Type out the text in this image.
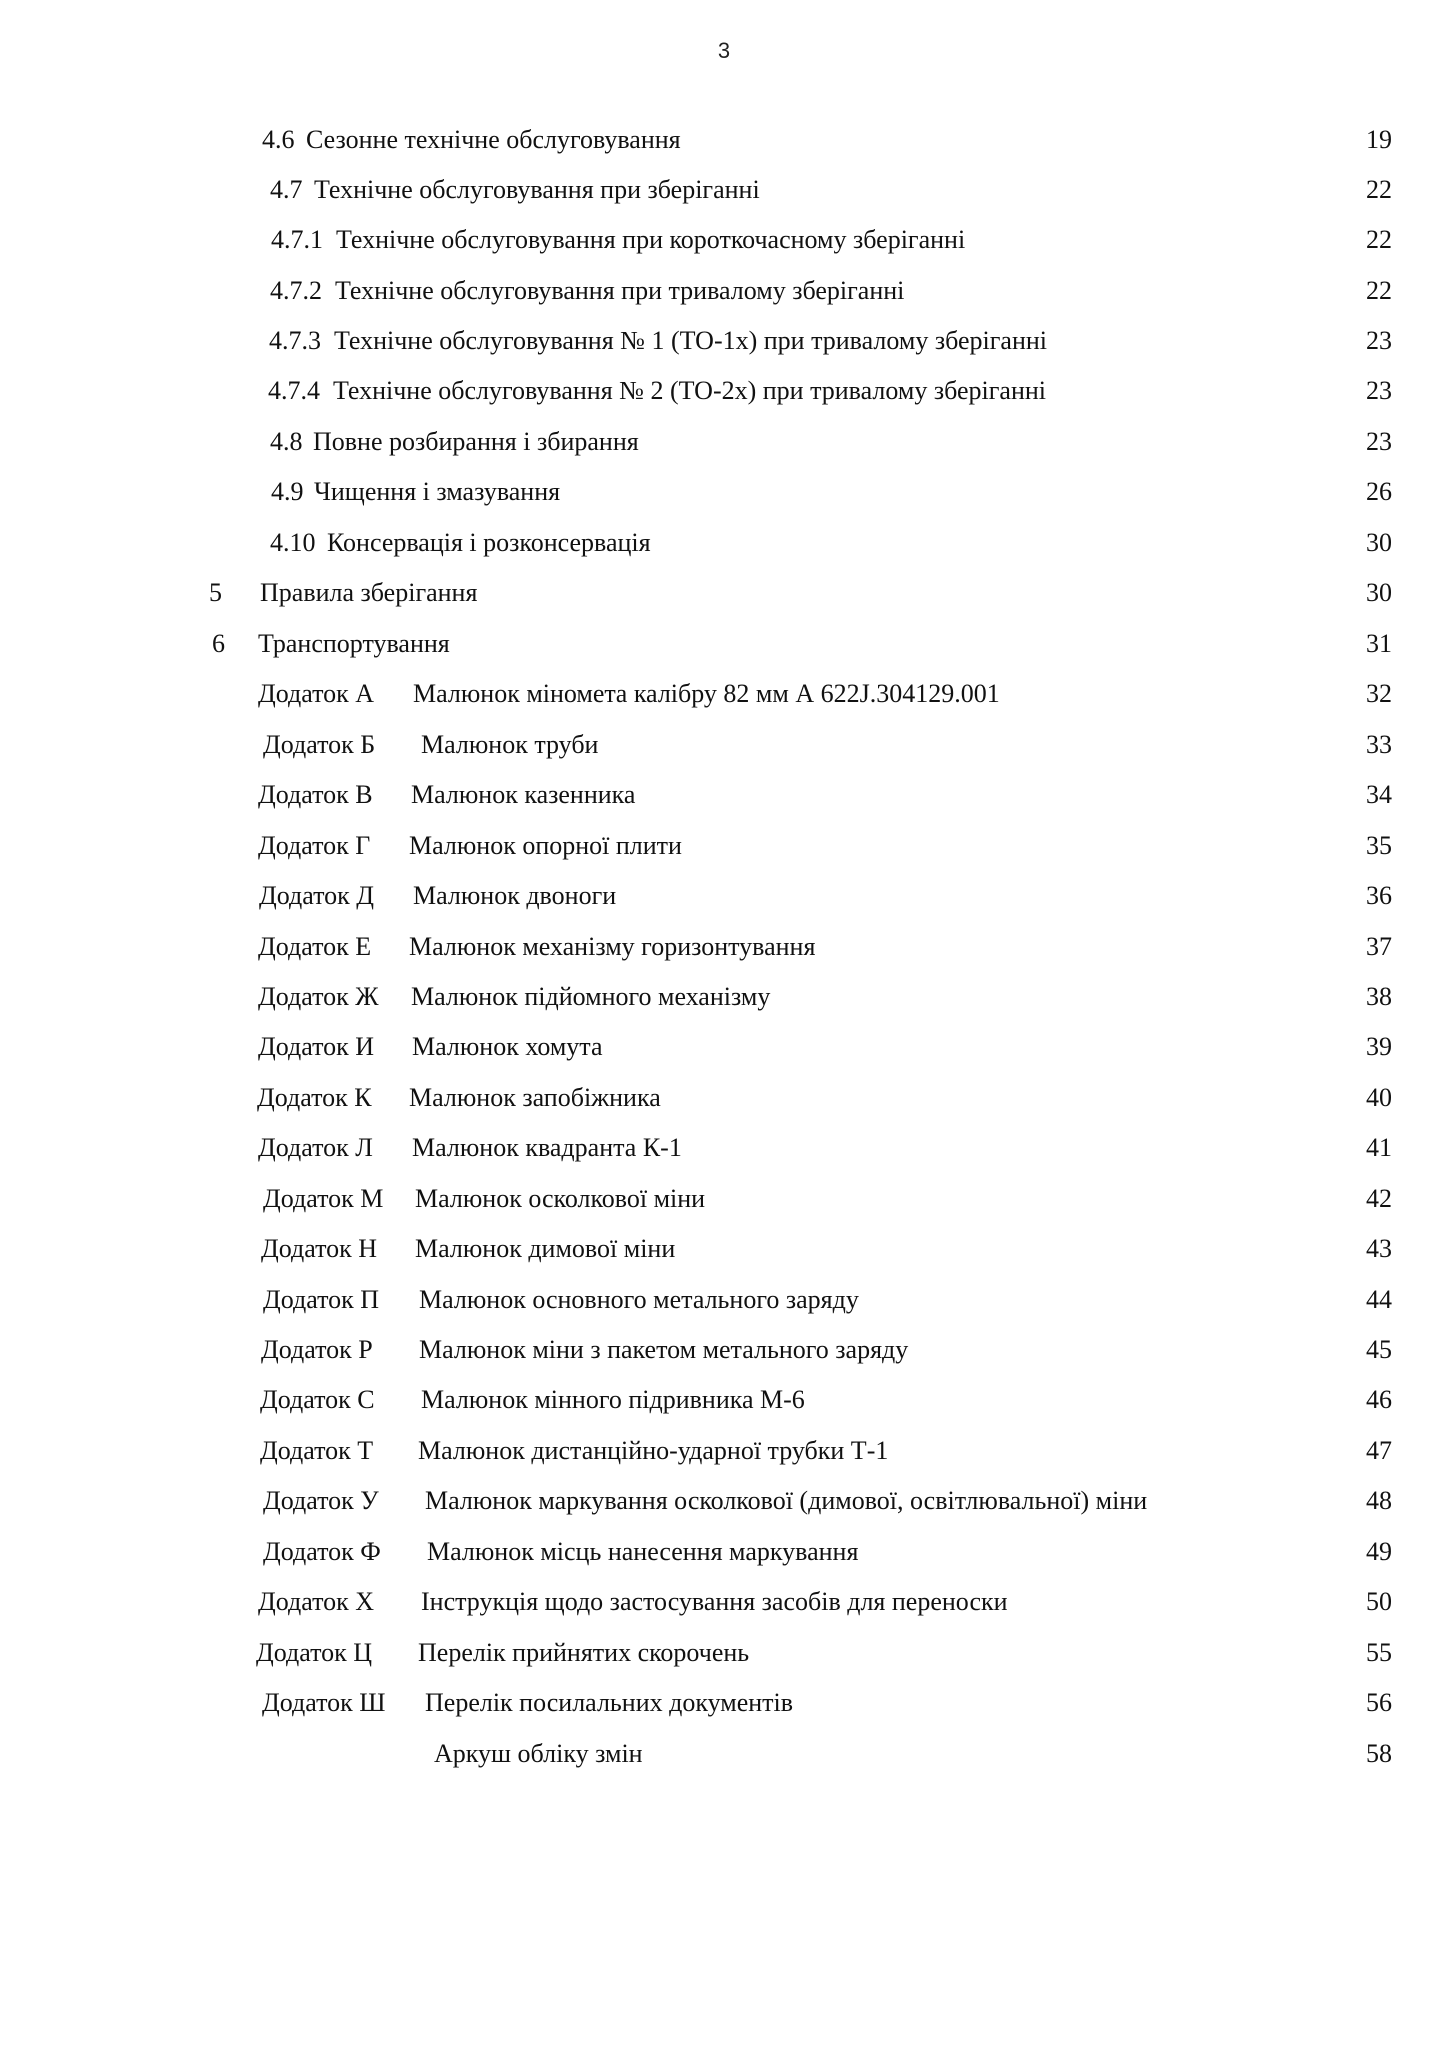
3
4.6 Сезонне технічне обслуговування	19
4.7 Технічне обслуговування при зберіганні	22
4.7.1 Технічне обслуговування при короткочасному зберіганні	22
4.7.2 Технічне обслуговування при тривалому зберіганні	22
4.7.3 Технічне обслуговування № 1 (ТО-1х) при тривалому зберіганні	23
4.7.4 Технічне обслуговування № 2 (ТО-2х) при тривалому зберіганні	23
4.8 Повне розбирання і збирання	23
4.9 Чищення і змазування	26
4.10 Консервація і розконсервація	30
5 Правила зберігання	30
6 Транспортування	31
Додаток А Малюнок мінометa калібру 82 мм А 622J.304129.001	32
Додаток Б Малюнок труби	33
Додаток В Малюнок казенника	34
Додаток Г Малюнок опорної плити	35
Додаток Д Малюнок двоноги	36
Додаток Е Малюнок механізму горизонтування	37
Додаток Ж Малюнок підйомного механізму	38
Додаток И Малюнок хомута	39
Додаток К Малюнок запобіжника	40
Додаток Л Малюнок квадранта К-1	41
Додаток М Малюнок осколкової міни	42
Додаток Н Малюнок димової міни	43
Додаток П Малюнок основного метального заряду	44
Додаток Р Малюнок міни з пакетом метального заряду	45
Додаток С Малюнок мінного підривника М-6	46
Додаток Т Малюнок дистанційно-ударної трубки Т-1	47
Додаток У Малюнок маркування осколкової (димової, освітлювальної) міни	48
Додаток Ф Малюнок місць нанесення маркування	49
Додаток Х Інструкція щодо застосування засобів для переноски	50
Додаток Ц Перелік прийнятих скорочень	55
Додаток Ш Перелік посилальних документів	56
Аркуш обліку змін	58
